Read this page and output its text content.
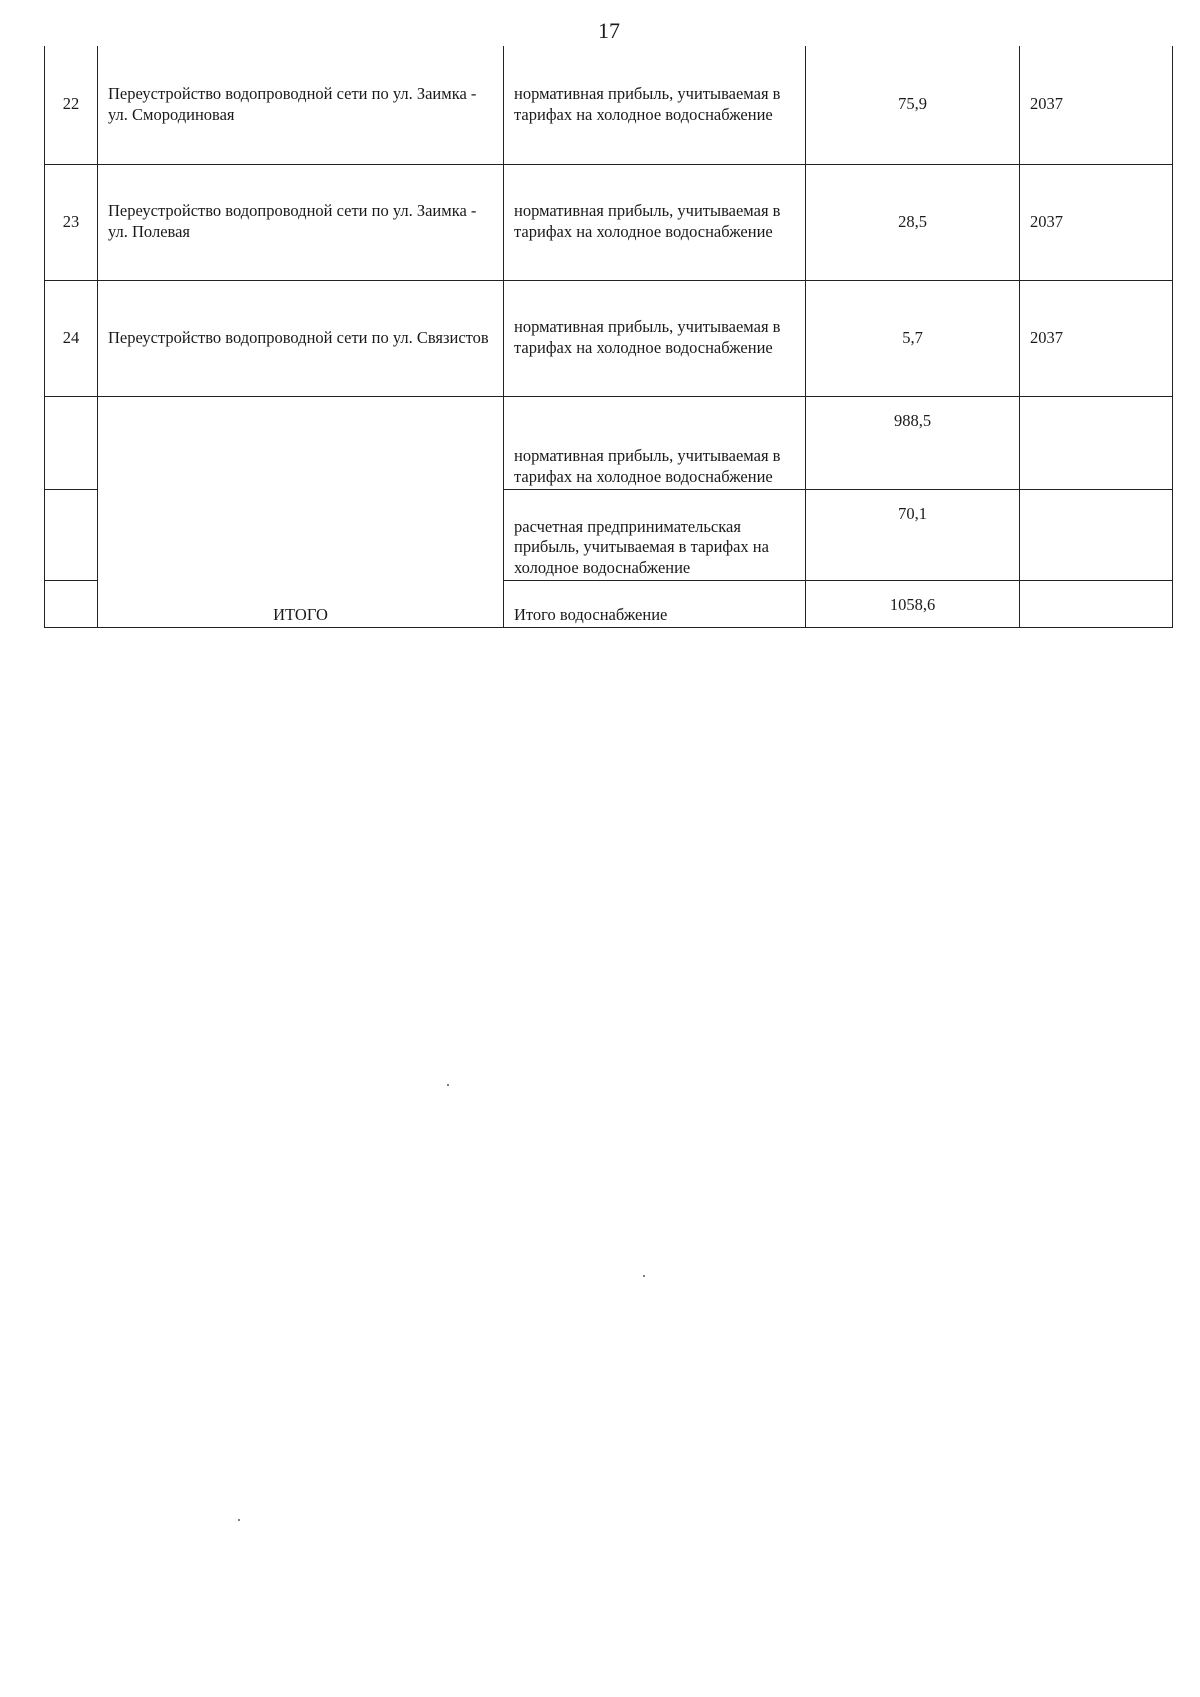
17
22	Переустройство водопроводной сети по ул. Заимка - ул. Смородиновая	нормативная прибыль, учитываемая в тарифах на холодное водоснабжение	75,9	2037
23	Переустройство водопроводной сети по ул. Заимка - ул. Полевая	нормативная прибыль, учитываемая в тарифах на холодное водоснабжение	28,5	2037
24	Переустройство водопроводной сети по ул. Связистов	нормативная прибыль, учитываемая в тарифах на холодное водоснабжение	5,7	2037
	ИТОГО	нормативная прибыль, учитываемая в тарифах на холодное водоснабжение	988,5	
		расчетная предпринимательская прибыль, учитываемая в тарифах на холодное водоснабжение	70,1	
		Итого водоснабжение	1058,6	
